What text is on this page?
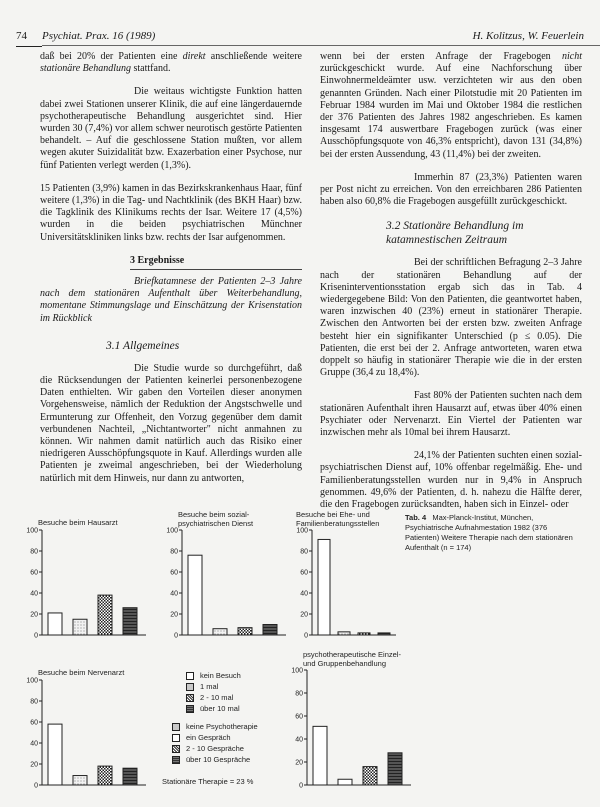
74 Psychiat. Prax. 16 (1989)	H. Kolitzus, W. Feuerlein

daß bei 20% der Patienten eine direkt anschließende weitere stationäre Behandlung stattfand.

Die weitaus wichtigste Funktion hatten dabei zwei Stationen unserer Klinik, die auf eine längerdauernde psychotherapeutische Behandlung ausgerichtet sind. Hier wurden 30 (7,4%) vor allem schwer neurotisch gestörte Patienten behandelt. – Auf die geschlossene Station mußten, vor allem wegen akuter Suizidalität bzw. Exazerbation einer Psychose, nur fünf Patienten verlegt werden (1,3%).

15 Patienten (3,9%) kamen in das Bezirkskrankenhaus Haar, fünf weitere (1,3%) in die Tag- und Nachtklinik (des BKH Haar) bzw. die Tagklinik des Klinikums rechts der Isar. Weitere 17 (4,5%) wurden in die beiden psychiatrischen Münchner Universitätskliniken links bzw. rechts der Isar aufgenommen.

3 Ergebnisse

Briefkatamnese der Patienten 2–3 Jahre nach dem stationären Aufenthalt über Weiterbehandlung, momentane Stimmungslage und Einschätzung der Krisenstation im Rückblick

3.1 Allgemeines

Die Studie wurde so durchgeführt, daß die Rücksendungen der Patienten keinerlei personenbezogene Daten enthielten. Wir gaben den Vorteilen dieser anonymen Vorgehensweise, nämlich der Reduktion der Angstschwelle und Ermunterung zur Offenheit, den Vorzug gegenüber dem damit verbundenen Nachteil, „Nichtantworter" nicht anmahnen zu können. Wir nahmen damit natürlich auch das Risiko einer niedrigeren Ausschöpfungsquote in Kauf. Allerdings wurden alle Patienten je zweimal angeschrieben, bei der Wiederholung natürlich mit dem Hinweis, nur dann zu antworten,

wenn bei der ersten Anfrage der Fragebogen nicht zurückgeschickt wurde. Auf eine Nachforschung über Einwohnermeldeämter usw. verzichteten wir aus den oben genannten Gründen. Nach einer Pilotstudie mit 20 Patienten im Februar 1984 wurden im Mai und Oktober 1984 die restlichen der 376 Patienten des Jahres 1982 angeschrieben. Es kamen insgesamt 174 auswertbare Fragebogen zurück (was einer Ausschöpfungsquote von 46,3% entspricht), davon 131 (34,8%) bei der ersten Aussendung, 43 (11,4%) bei der zweiten.

Immerhin 87 (23,3%) Patienten waren per Post nicht zu erreichen. Von den erreichbaren 286 Patienten haben also 60,8% die Fragebogen ausgefüllt zurückgeschickt.

3.2 Stationäre Behandlung im katamnestischen Zeitraum

Bei der schriftlichen Befragung 2–3 Jahre nach der stationären Behandlung auf der Kriseninterventionsstation ergab sich das in Tab. 4 wiedergegebene Bild: Von den Patienten, die geantwortet haben, waren inzwischen 40 (23%) erneut in stationärer Therapie. Zwischen den Antworten bei der ersten bzw. zweiten Anfrage besteht hier ein signifikanter Unterschied (p ≤ 0.05). Die Patienten, die erst bei der 2. Anfrage antworteten, waren etwa doppelt so häufig in stationärer Therapie wie die in der ersten Gruppe (36,4 zu 18,4%).

Fast 80% der Patienten suchten nach dem stationären Aufenthalt ihren Hausarzt auf, etwas über 40% einen Psychiater oder Nervenarzt. Ein Viertel der Patienten war inzwischen mehr als 10mal bei ihrem Hausarzt.

24,1% der Patienten suchten einen sozial-psychiatrischen Dienst auf, 10% offenbar regelmäßig. Ehe- und Familienberatungsstellen wurden nur in 9,4% in Anspruch genommen. 49,6% der Patienten, d. h. nahezu die Hälfte derer, die den Fragebogen zurücksandten, haben sich in Einzel- oder

Besuche beim Hausarzt
0
20
40
60
80
100
Besuche beim sozial-
psychiatrischen Dienst
0
20
40
60
80
100
Besuche bei Ehe- und
Familienberatungsstellen
0
20
40
60
80
100
Besuche beim Nervenarzt
0
20
40
60
80
100
psychotherapeutische Einzel-
und Gruppenbehandlung
0
20
40
60
80
100
Tab. 4 Max-Planck-Institut, München, Psychiatrische Aufnahmestation 1982 (376 Patienten) Weitere Therapie nach dem stationären Aufenthalt (n = 174)
kein Besuch
1 mal
2 - 10 mal
über 10 mal
keine Psychotherapie
ein Gespräch
2 - 10 Gespräche
über 10 Gespräche
Stationäre Therapie = 23 %
